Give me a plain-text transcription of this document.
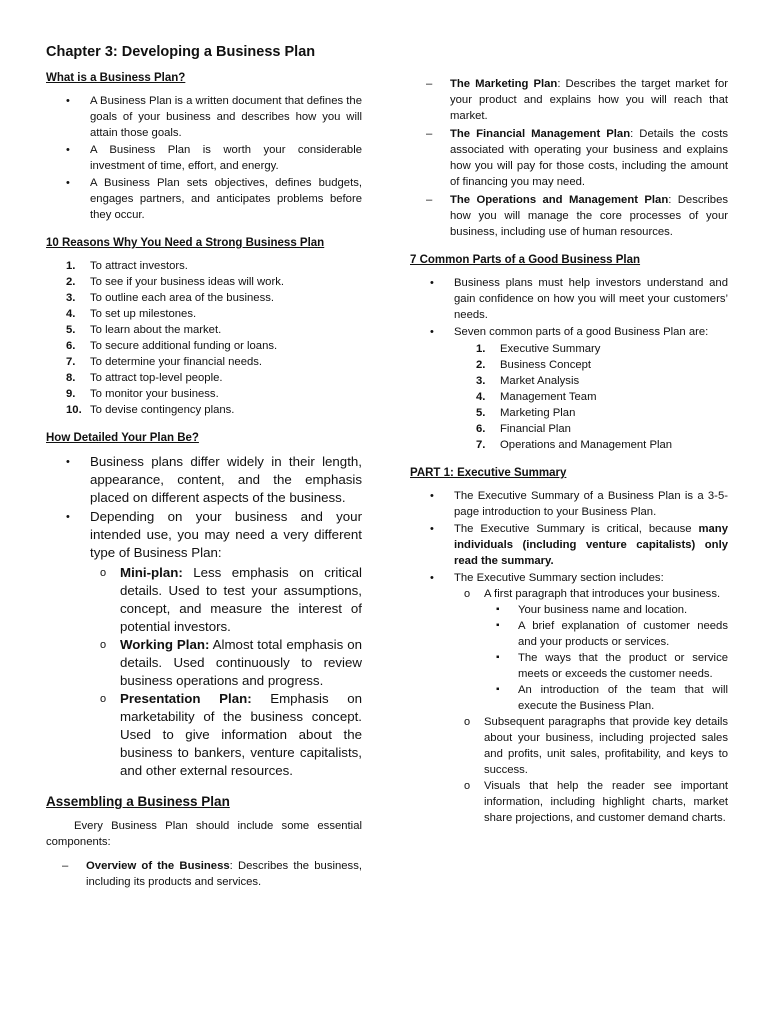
Chapter 3: Developing a Business Plan
What is a Business Plan?
• A Business Plan is a written document that defines the goals of your business and describes how you will attain those goals.
• A Business Plan is worth your considerable investment of time, effort, and energy.
• A Business Plan sets objectives, defines budgets, engages partners, and anticipates problems before they occur.
10 Reasons Why You Need a Strong Business Plan
1.	To attract investors.
2.	To see if your business ideas will work.
3.	To outline each area of the business.
4.	To set up milestones.
5.	To learn about the market.
6.	To secure additional funding or loans.
7.	To determine your financial needs.
8.	To attract top-level people.
9.	To monitor your business.
10. To devise contingency plans.
How Detailed Your Plan Be?
• Business plans differ widely in their length, appearance, content, and the emphasis placed on different aspects of the business.
• Depending on your business and your intended use, you may need a very different type of Business Plan:
o Mini-plan: Less emphasis on critical details. Used to test your assumptions, concept, and measure the interest of potential investors.
o Working Plan: Almost total emphasis on details. Used continuously to review business operations and progress.
o Presentation Plan: Emphasis on marketability of the business concept. Used to give information about the business to bankers, venture capitalists, and other external resources.
Assembling a Business Plan

Every Business Plan should include some essential components:

– Overview of the Business: Describes the business, including its products and services.
– The Marketing Plan: Describes the target market for your product and explains how you will reach that market.
– The Financial Management Plan: Details the costs associated with operating your business and explains how you will pay for those costs, including the amount of financing you may need.
– The Operations and Management Plan: Describes how you will manage the core processes of your business, including use of human resources.
7 Common Parts of a Good Business Plan
• Business plans must help investors understand and gain confidence on how you will meet your customers’ needs.
• Seven common parts of a good Business Plan are:
1.	Executive Summary
2.	Business Concept
3.	Market Analysis
4.	Management Team
5.	Marketing Plan
6.	Financial Plan
7.	Operations and Management Plan
PART 1: Executive Summary
• The Executive Summary of a Business Plan is a 3-5-page introduction to your Business Plan.
• The Executive Summary is critical, because many individuals (including venture capitalists) only read the summary.
• The Executive Summary section includes:
o A first paragraph that introduces your business.
▪ Your business name and location.
▪ A brief explanation of customer needs and your products or services.
▪ The ways that the product or service meets or exceeds the customer needs.
▪ An introduction of the team that will execute the Business Plan.
o Subsequent paragraphs that provide key details about your business, including projected sales and profits, unit sales, profitability, and keys to success.
o Visuals that help the reader see important information, including highlight charts, market share projections, and customer demand charts.
